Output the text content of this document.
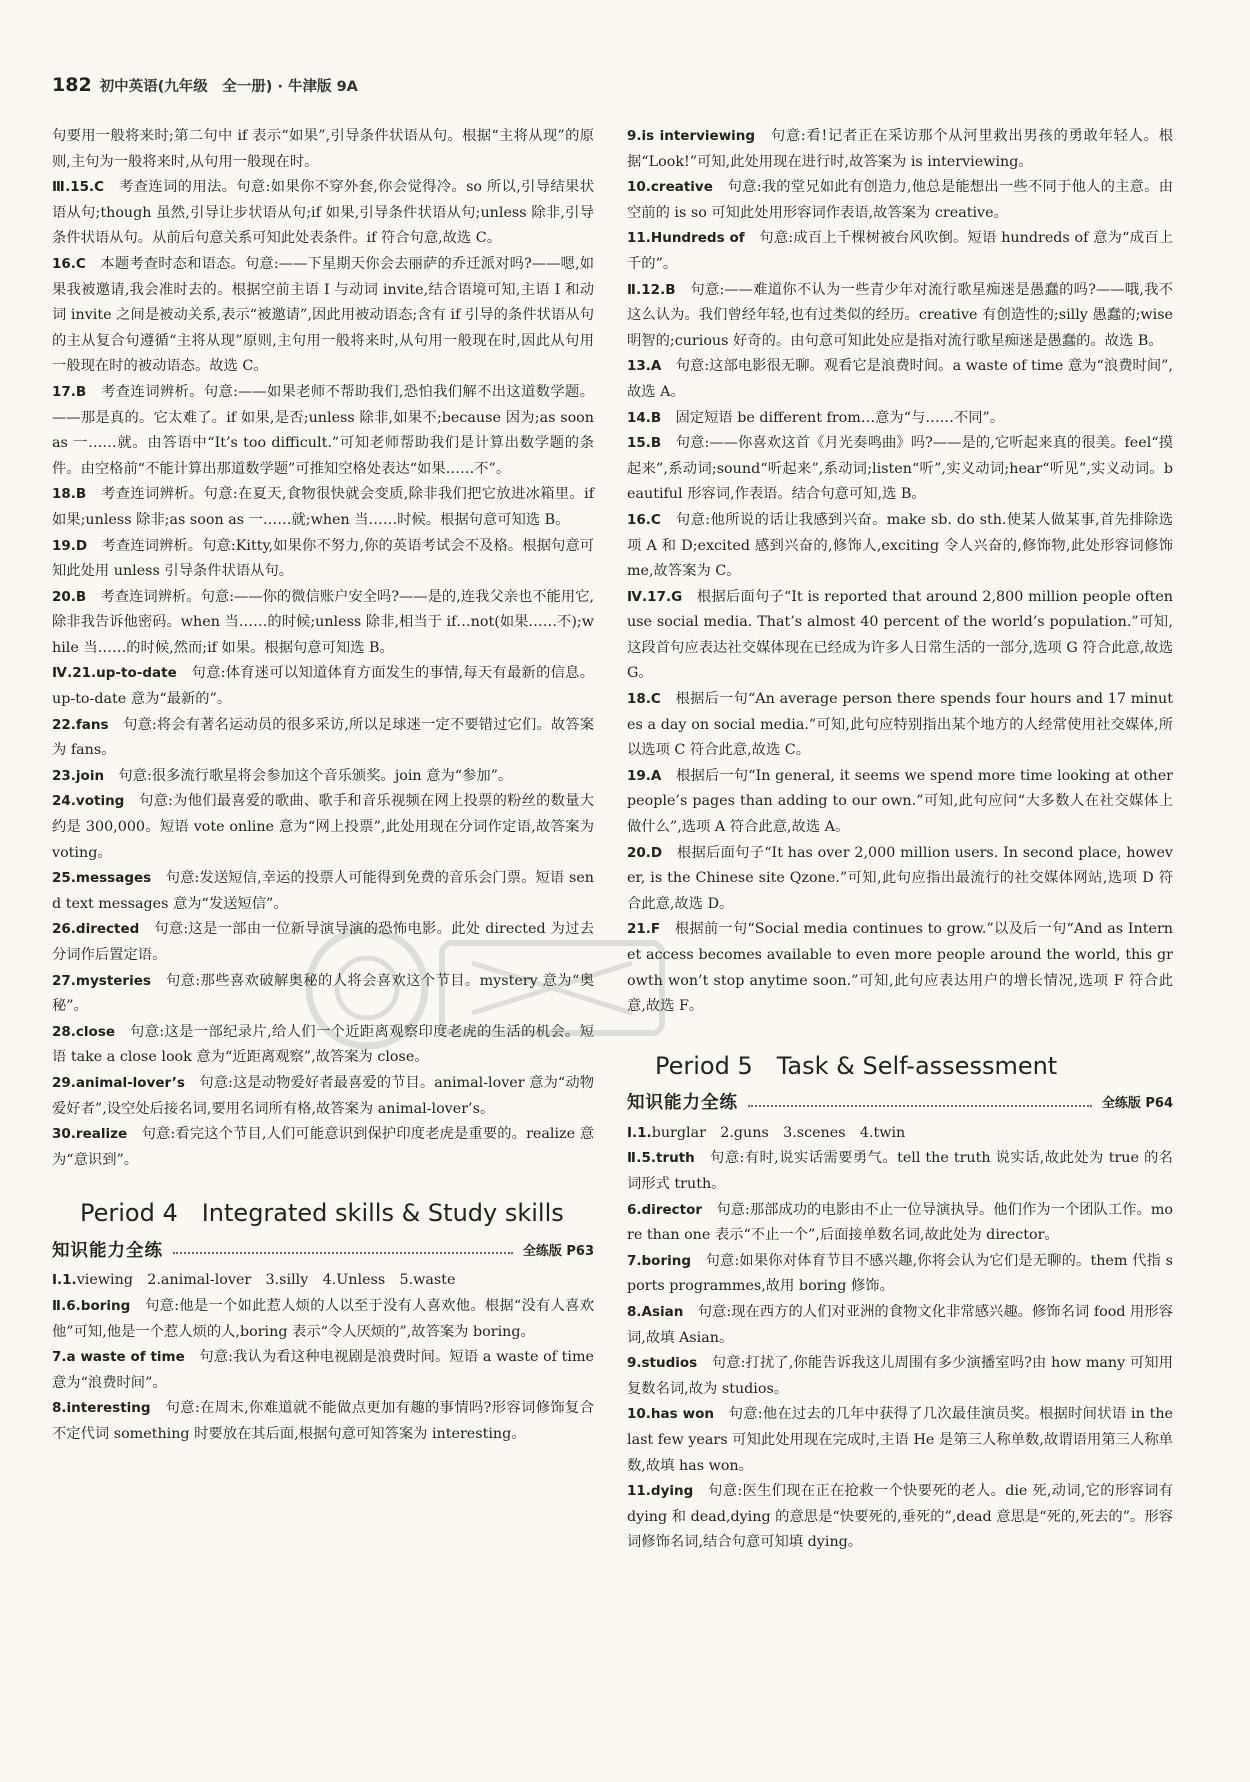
182 初中英语(九年级　全一册) · 牛津版 9A
句要用一般将来时;第二句中 if 表示“如果”,引导条件状语从句。根据“主将从现”的原则,主句为一般将来时,从句用一般现在时。
Ⅲ.15.C　考查连词的用法。句意:如果你不穿外套,你会觉得冷。so 所以,引导结果状语从句;though 虽然,引导让步状语从句;if 如果,引导条件状语从句;unless 除非,引导条件状语从句。从前后句意关系可知此处表条件。if 符合句意,故选 C。
16.C　本题考查时态和语态。句意:——下星期天你会去丽萨的乔迁派对吗?——嗯,如果我被邀请,我会准时去的。根据空前主语 I 与动词 invite,结合语境可知,主语 I 和动词 invite 之间是被动关系,表示“被邀请”,因此用被动语态;含有 if 引导的条件状语从句的主从复合句遵循“主将从现”原则,主句用一般将来时,从句用一般现在时,因此从句用一般现在时的被动语态。故选 C。
17.B　考查连词辨析。句意:——如果老师不帮助我们,恐怕我们解不出这道数学题。——那是真的。它太难了。if 如果,是否;unless 除非,如果不;because 因为;as soon as 一……就。由答语中“It’s too difficult.”可知老师帮助我们是计算出数学题的条件。由空格前“不能计算出那道数学题”可推知空格处表达“如果……不”。
18.B　考查连词辨析。句意:在夏天,食物很快就会变质,除非我们把它放进冰箱里。if 如果;unless 除非;as soon as 一……就;when 当……时候。根据句意可知选 B。
19.D　考查连词辨析。句意:Kitty,如果你不努力,你的英语考试会不及格。根据句意可知此处用 unless 引导条件状语从句。
20.B　考查连词辨析。句意:——你的微信账户安全吗?——是的,连我父亲也不能用它,除非我告诉他密码。when 当……的时候;unless 除非,相当于 if…not(如果……不);while 当……的时候,然而;if 如果。根据句意可知选 B。
Ⅳ.21.up-to-date　句意:体育迷可以知道体育方面发生的事情,每天有最新的信息。up-to-date 意为“最新的”。
22.fans　句意:将会有著名运动员的很多采访,所以足球迷一定不要错过它们。故答案为 fans。
23.join　句意:很多流行歌星将会参加这个音乐颁奖。join 意为“参加”。
24.voting　句意:为他们最喜爱的歌曲、歌手和音乐视频在网上投票的粉丝的数量大约是 300,000。短语 vote online 意为“网上投票”,此处用现在分词作定语,故答案为 voting。
25.messages　句意:发送短信,幸运的投票人可能得到免费的音乐会门票。短语 send text messages 意为“发送短信”。
26.directed　句意:这是一部由一位新导演导演的恐怖电影。此处 directed 为过去分词作后置定语。
27.mysteries　句意:那些喜欢破解奥秘的人将会喜欢这个节目。mystery 意为“奥秘”。
28.close　句意:这是一部纪录片,给人们一个近距离观察印度老虎的生活的机会。短语 take a close look 意为“近距离观察”,故答案为 close。
29.animal-lover’s　句意:这是动物爱好者最喜爱的节目。animal-lover 意为“动物爱好者”,设空处后接名词,要用名词所有格,故答案为 animal-lover’s。
30.realize　句意:看完这个节目,人们可能意识到保护印度老虎是重要的。realize 意为“意识到”。
Period 4　Integrated skills & Study skills
知识能力全练	全练版 P63
Ⅰ.1.viewing　2.animal-lover　3.silly　4.Unless　5.waste
Ⅱ.6.boring　句意:他是一个如此惹人烦的人以至于没有人喜欢他。根据“没有人喜欢他”可知,他是一个惹人烦的人,boring 表示“令人厌烦的”,故答案为 boring。
7.a waste of time　句意:我认为看这种电视剧是浪费时间。短语 a waste of time 意为“浪费时间”。
8.interesting　句意:在周末,你难道就不能做点更加有趣的事情吗?形容词修饰复合不定代词 something 时要放在其后面,根据句意可知答案为 interesting。
9.is interviewing　句意:看!记者正在采访那个从河里救出男孩的勇敢年轻人。根据“Look!”可知,此处用现在进行时,故答案为 is interviewing。
10.creative　句意:我的堂兄如此有创造力,他总是能想出一些不同于他人的主意。由空前的 is so 可知此处用形容词作表语,故答案为 creative。
11.Hundreds of　句意:成百上千棵树被台风吹倒。短语 hundreds of 意为“成百上千的”。
Ⅱ.12.B　句意:——难道你不认为一些青少年对流行歌星痴迷是愚蠢的吗?——哦,我不这么认为。我们曾经年轻,也有过类似的经历。creative 有创造性的;silly 愚蠢的;wise 明智的;curious 好奇的。由句意可知此处应是指对流行歌星痴迷是愚蠢的。故选 B。
13.A　句意:这部电影很无聊。观看它是浪费时间。a waste of time 意为“浪费时间”,故选 A。
14.B　固定短语 be different from…意为“与……不同”。
15.B　句意:——你喜欢这首《月光奏鸣曲》吗?——是的,它听起来真的很美。feel“摸起来”,系动词;sound“听起来”,系动词;listen“听”,实义动词;hear“听见”,实义动词。beautiful 形容词,作表语。结合句意可知,选 B。
16.C　句意:他所说的话让我感到兴奋。make sb. do sth.使某人做某事,首先排除选项 A 和 D;excited 感到兴奋的,修饰人,exciting 令人兴奋的,修饰物,此处形容词修饰 me,故答案为 C。
Ⅳ.17.G　根据后面句子“It is reported that around 2,800 million people often use social media. That’s almost 40 percent of the world’s population.”可知,这段首句应表达社交媒体现在已经成为许多人日常生活的一部分,选项 G 符合此意,故选 G。
18.C　根据后一句“An average person there spends four hours and 17 minutes a day on social media.”可知,此句应特别指出某个地方的人经常使用社交媒体,所以选项 C 符合此意,故选 C。
19.A　根据后一句“In general, it seems we spend more time looking at other people’s pages than adding to our own.”可知,此句应问“大多数人在社交媒体上做什么”,选项 A 符合此意,故选 A。
20.D　根据后面句子“It has over 2,000 million users. In second place, however, is the Chinese site Qzone.”可知,此句应指出最流行的社交媒体网站,选项 D 符合此意,故选 D。
21.F　根据前一句“Social media continues to grow.”以及后一句“And as Internet access becomes available to even more people around the world, this growth won’t stop anytime soon.”可知,此句应表达用户的增长情况,选项 F 符合此意,故选 F。
Period 5　Task & Self-assessment
知识能力全练	全练版 P64
Ⅰ.1.burglar　2.guns　3.scenes　4.twin
Ⅱ.5.truth　句意:有时,说实话需要勇气。tell the truth 说实话,故此处为 true 的名词形式 truth。
6.director　句意:那部成功的电影由不止一位导演执导。他们作为一个团队工作。more than one 表示“不止一个”,后面接单数名词,故此处为 director。
7.boring　句意:如果你对体育节目不感兴趣,你将会认为它们是无聊的。them 代指 sports programmes,故用 boring 修饰。
8.Asian　句意:现在西方的人们对亚洲的食物文化非常感兴趣。修饰名词 food 用形容词,故填 Asian。
9.studios　句意:打扰了,你能告诉我这儿周围有多少演播室吗?由 how many 可知用复数名词,故为 studios。
10.has won　句意:他在过去的几年中获得了几次最佳演员奖。根据时间状语 in the last few years 可知此处用现在完成时,主语 He 是第三人称单数,故谓语用第三人称单数,故填 has won。
11.dying　句意:医生们现在正在抢救一个快要死的老人。die 死,动词,它的形容词有 dying 和 dead,dying 的意思是“快要死的,垂死的”,dead 意思是“死的,死去的”。形容词修饰名词,结合句意可知填 dying。
